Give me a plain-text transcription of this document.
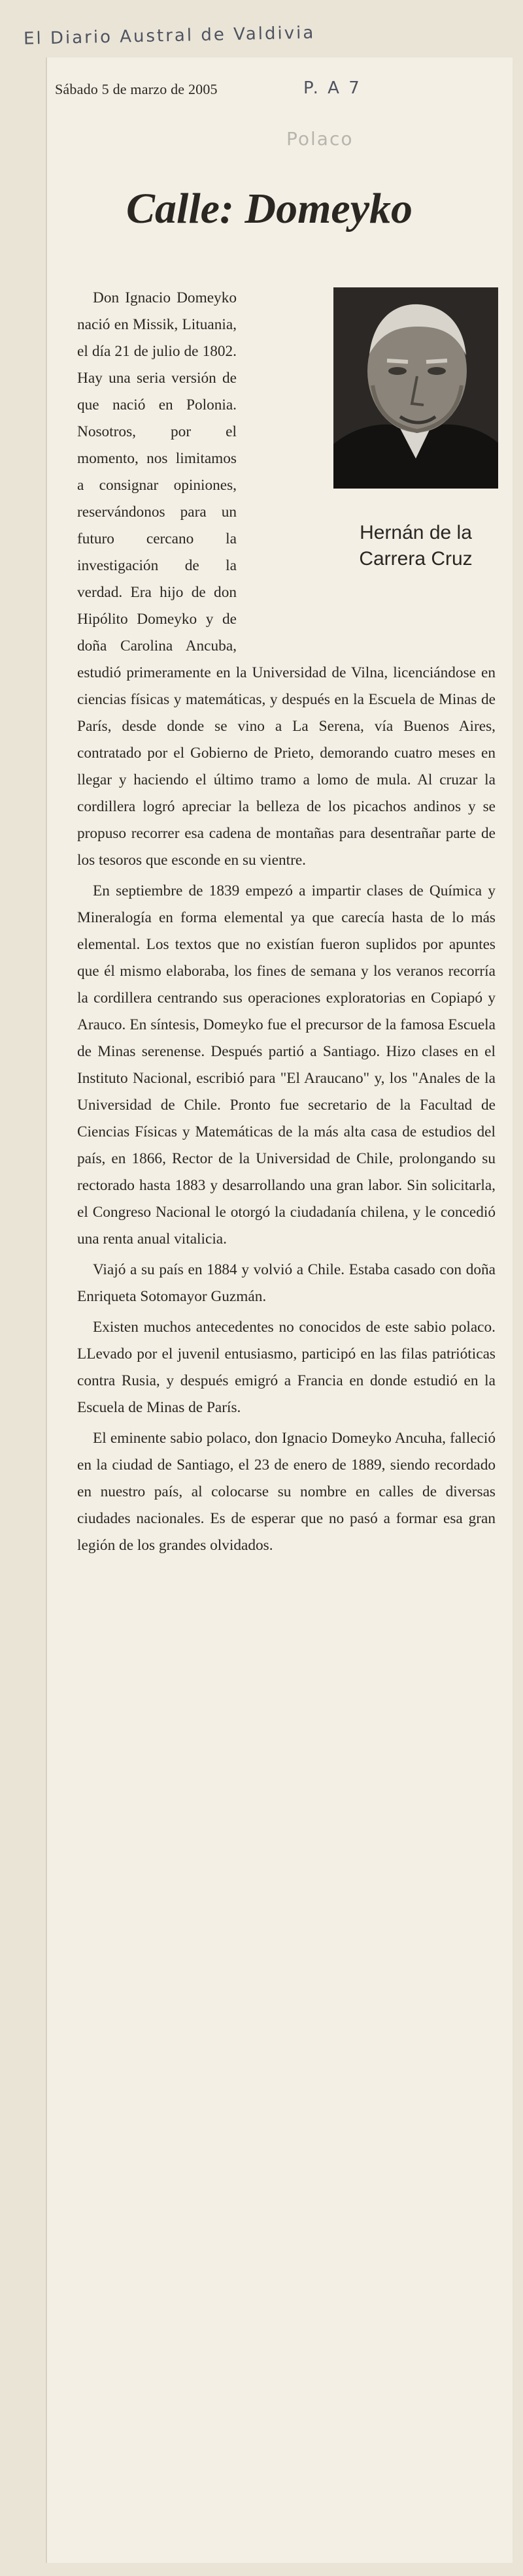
El Diario Austral de Valdivia
Sábado 5 de marzo de 2005	P. A 7
Polaco
Calle: Domeyko
Hernán de la Carrera Cruz

Don Ignacio Domeyko nació en Missik, Lituania, el día 21 de julio de 1802. Hay una seria versión de que nació en Polonia. Nosotros, por el momento, nos limitamos a consignar opiniones, reservándonos para un futuro cercano la investigación de la verdad. Era hijo de don Hipólito Domeyko y de doña Carolina Ancuba, estudió primeramente en la Universidad de Vilna, licenciándose en ciencias físicas y matemáticas, y después en la Escuela de Minas de París, desde donde se vino a La Serena, vía Buenos Aires, contratado por el Gobierno de Prieto, demorando cuatro meses en llegar y haciendo el último tramo a lomo de mula. Al cruzar la cordillera logró apreciar la belleza de los picachos andinos y se propuso recorrer esa cadena de montañas para desentrañar parte de los tesoros que esconde en su vientre.

En septiembre de 1839 empezó a impartir clases de Química y Mineralogía en forma elemental ya que carecía hasta de lo más elemental. Los textos que no existían fueron suplidos por apuntes que él mismo elaboraba, los fines de semana y los veranos recorría la cordillera centrando sus operaciones exploratorias en Copiapó y Arauco. En síntesis, Domeyko fue el precursor de la famosa Escuela de Minas serenense. Después partió a Santiago. Hizo clases en el Instituto Nacional, escribió para "El Araucano" y, los "Anales de la Universidad de Chile. Pronto fue secretario de la Facultad de Ciencias Físicas y Matemáticas de la más alta casa de estudios del país, en 1866, Rector de la Universidad de Chile, prolongando su rectorado hasta 1883 y desarrollando una gran labor. Sin solicitarla, el Congreso Nacional le otorgó la ciudadanía chilena, y le concedió una renta anual vitalicia.

Viajó a su país en 1884 y volvió a Chile. Estaba casado con doña Enriqueta Sotomayor Guzmán.

Existen muchos antecedentes no conocidos de este sabio polaco. LLevado por el juvenil entusiasmo, participó en las filas patrióticas contra Rusia, y después emigró a Francia en donde estudió en la Escuela de Minas de París.

El eminente sabio polaco, don Ignacio Domeyko Ancuha, falleció en la ciudad de Santiago, el 23 de enero de 1889, siendo recordado en nuestro país, al colocarse su nombre en calles de diversas ciudades nacionales. Es de esperar que no pasó a formar esa gran legión de los grandes olvidados.
